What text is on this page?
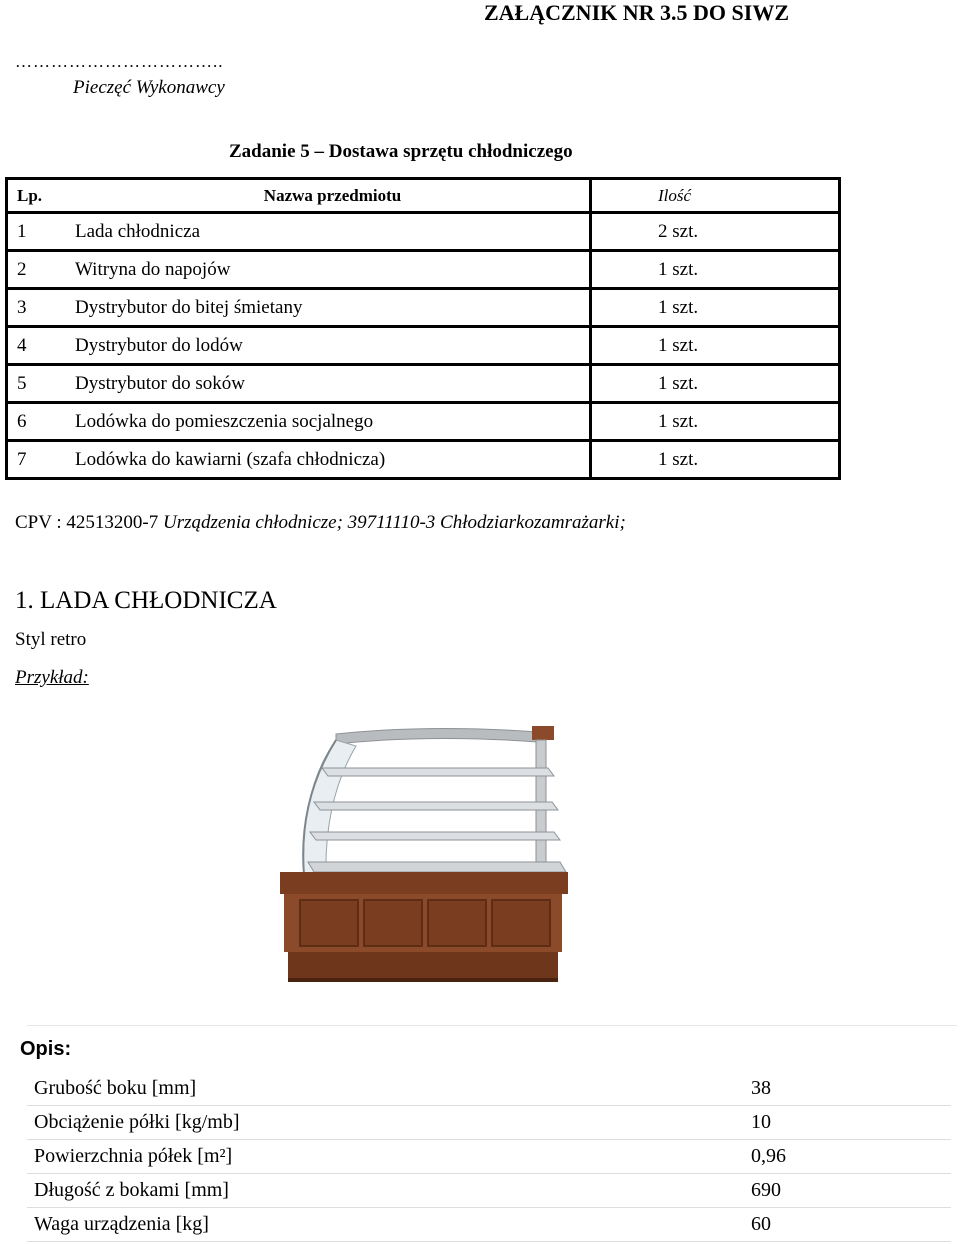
ZAŁĄCZNIK NR 3.5 DO SIWZ
……………………………..
Pieczęć Wykonawcy
Zadanie 5 – Dostawa sprzętu chłodniczego
Lp.	Nazwa przedmiotu	Ilość
1	Lada chłodnicza	2 szt.
2	Witryna do napojów	1 szt.
3	Dystrybutor do bitej śmietany	1 szt.
4	Dystrybutor do lodów	1 szt.
5	Dystrybutor do soków	1 szt.
6	Lodówka do pomieszczenia socjalnego	1 szt.
7	Lodówka do kawiarni (szafa chłodnicza)	1 szt.
CPV : 42513200-7 Urządzenia chłodnicze; 39711110-3 Chłodziarkozamrażarki;
1. LADA CHŁODNICZA
Styl retro
Przykład:
Opis:
Grubość boku [mm]	38
Obciążenie półki [kg/mb]	10
Powierzchnia półek [m²]	0,96
Długość z bokami [mm]	690
Waga urządzenia [kg]	60
